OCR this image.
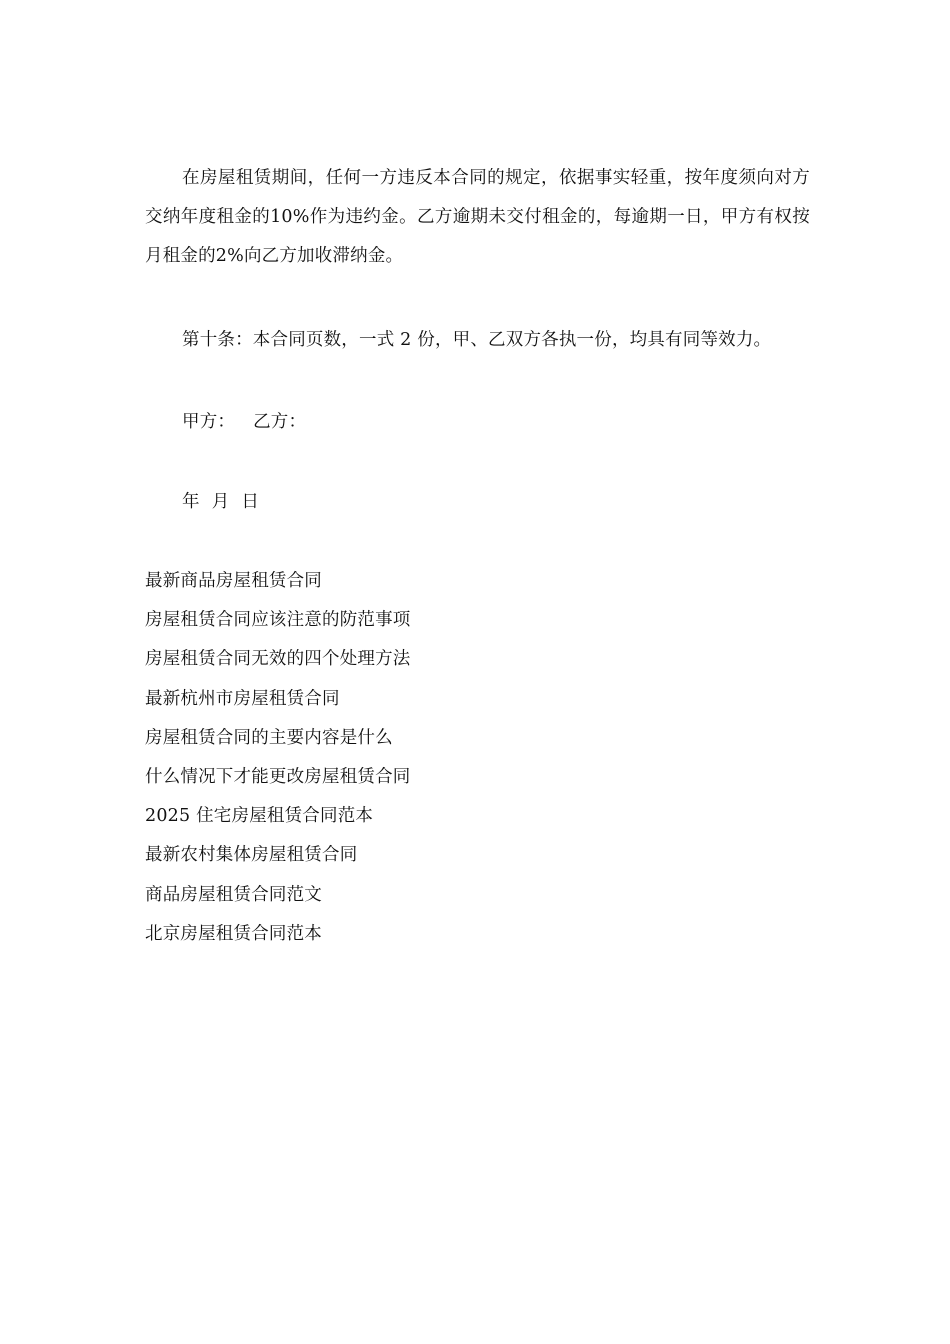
在房屋租赁期间，任何一方违反本合同的规定，依据事实轻重，按年度须向对方交纳年度租金的10%作为违约金。乙方逾期未交付租金的，每逾期一日，甲方有权按月租金的2%向乙方加收滞纳金。

第十条：本合同页数，一式 2 份，甲、乙双方各执一份，均具有同等效力。

甲方： 乙方：

年 月 日

最新商品房屋租赁合同
房屋租赁合同应该注意的防范事项
房屋租赁合同无效的四个处理方法
最新杭州市房屋租赁合同
房屋租赁合同的主要内容是什么
什么情况下才能更改房屋租赁合同
2025 住宅房屋租赁合同范本
最新农村集体房屋租赁合同
商品房屋租赁合同范文
北京房屋租赁合同范本
